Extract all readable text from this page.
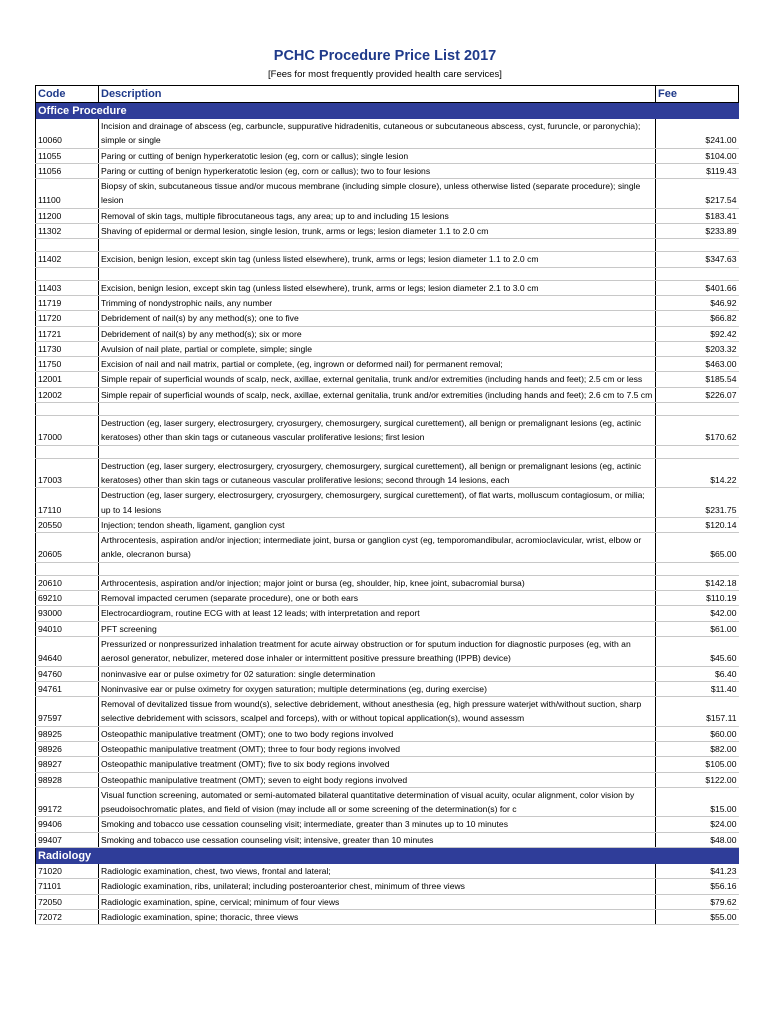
PCHC Procedure Price List 2017
[Fees for most frequently provided health care services]
Code	Description	Fee
Office Procedure		
10060	Incision and drainage of abscess (eg, carbuncle, suppurative hidradenitis, cutaneous or subcutaneous abscess, cyst, furuncle, or paronychia); simple or single	$241.00
11055	Paring or cutting of benign hyperkeratotic lesion (eg, corn or callus); single lesion	$104.00
11056	Paring or cutting of benign hyperkeratotic lesion (eg, corn or callus); two to four lesions	$119.43
11100	Biopsy of skin, subcutaneous tissue and/or mucous membrane (including simple closure), unless otherwise listed (separate procedure); single lesion	$217.54
11200	Removal of skin tags, multiple fibrocutaneous tags, any area; up to and including 15 lesions	$183.41
11302	Shaving of epidermal or dermal lesion, single lesion, trunk, arms or legs; lesion diameter 1.1 to 2.0 cm	$233.89

11402	Excision, benign lesion, except skin tag (unless listed elsewhere), trunk, arms or legs; lesion diameter 1.1 to 2.0 cm	$347.63

11403	Excision, benign lesion, except skin tag (unless listed elsewhere), trunk, arms or legs; lesion diameter 2.1 to 3.0 cm	$401.66
11719	Trimming of nondystrophic nails, any number	$46.92
11720	Debridement of nail(s) by any method(s); one to five	$66.82
11721	Debridement of nail(s) by any method(s); six or more	$92.42
11730	Avulsion of nail plate, partial or complete, simple; single	$203.32
11750	Excision of nail and nail matrix, partial or complete, (eg, ingrown or deformed nail) for permanent removal;	$463.00
12001	Simple repair of superficial wounds of scalp, neck, axillae, external genitalia, trunk and/or extremities (including hands and feet); 2.5 cm or less	$185.54
12002	Simple repair of superficial wounds of scalp, neck, axillae, external genitalia, trunk and/or extremities (including hands and feet); 2.6 cm to 7.5 cm	$226.07

17000	Destruction (eg, laser surgery, electrosurgery, cryosurgery, chemosurgery, surgical curettement), all benign or premalignant lesions (eg, actinic keratoses) other than skin tags or cutaneous vascular proliferative lesions; first lesion	$170.62

17003	Destruction (eg, laser surgery, electrosurgery, cryosurgery, chemosurgery, surgical curettement), all benign or premalignant lesions (eg, actinic keratoses) other than skin tags or cutaneous vascular proliferative lesions; second through 14 lesions, each	$14.22
17110	Destruction (eg, laser surgery, electrosurgery, cryosurgery, chemosurgery, surgical curettement), of flat warts, molluscum contagiosum, or milia; up to 14 lesions	$231.75
20550	Injection; tendon sheath, ligament, ganglion cyst	$120.14
20605	Arthrocentesis, aspiration and/or injection; intermediate joint, bursa or ganglion cyst (eg, temporomandibular, acromioclavicular, wrist, elbow or ankle, olecranon bursa)	$65.00

20610	Arthrocentesis, aspiration and/or injection; major joint or bursa (eg, shoulder, hip, knee joint, subacromial bursa)	$142.18
69210	Removal impacted cerumen (separate procedure), one or both ears	$110.19
93000	Electrocardiogram, routine ECG with at least 12 leads; with interpretation and report	$42.00
94010	PFT screening	$61.00
94640	Pressurized or nonpressurized inhalation treatment for acute airway obstruction or for sputum induction for diagnostic purposes (eg, with an aerosol generator, nebulizer, metered dose inhaler or intermittent positive pressure breathing (IPPB) device)	$45.60
94760	noninvasive ear or pulse oximetry for 02 saturation: single determination	$6.40
94761	Noninvasive ear or pulse oximetry for oxygen saturation; multiple determinations (eg, during exercise)	$11.40
97597	Removal of devitalized tissue from wound(s), selective debridement, without anesthesia (eg, high pressure waterjet with/without suction, sharp selective debridement with scissors, scalpel and forceps), with or without topical application(s), wound assessm	$157.11
98925	Osteopathic manipulative treatment (OMT); one to two body regions involved	$60.00
98926	Osteopathic manipulative treatment (OMT); three to four body regions involved	$82.00
98927	Osteopathic manipulative treatment (OMT); five to six body regions involved	$105.00
98928	Osteopathic manipulative treatment (OMT); seven to eight body regions involved	$122.00
99172	Visual function screening, automated or semi-automated bilateral quantitative determination of visual acuity, ocular alignment, color vision by pseudoisochromatic plates, and field of vision (may include all or some screening of the determination(s) for c	$15.00
99406	Smoking and tobacco use cessation counseling visit; intermediate, greater than 3 minutes up to 10 minutes	$24.00
99407	Smoking and tobacco use cessation counseling visit; intensive, greater than 10 minutes	$48.00
Radiology		
71020	Radiologic examination, chest, two views, frontal and lateral;	$41.23
71101	Radiologic examination, ribs, unilateral; including posteroanterior chest, minimum of three views	$56.16
72050	Radiologic examination, spine, cervical; minimum of four views	$79.62
72072	Radiologic examination, spine; thoracic, three views	$55.00
